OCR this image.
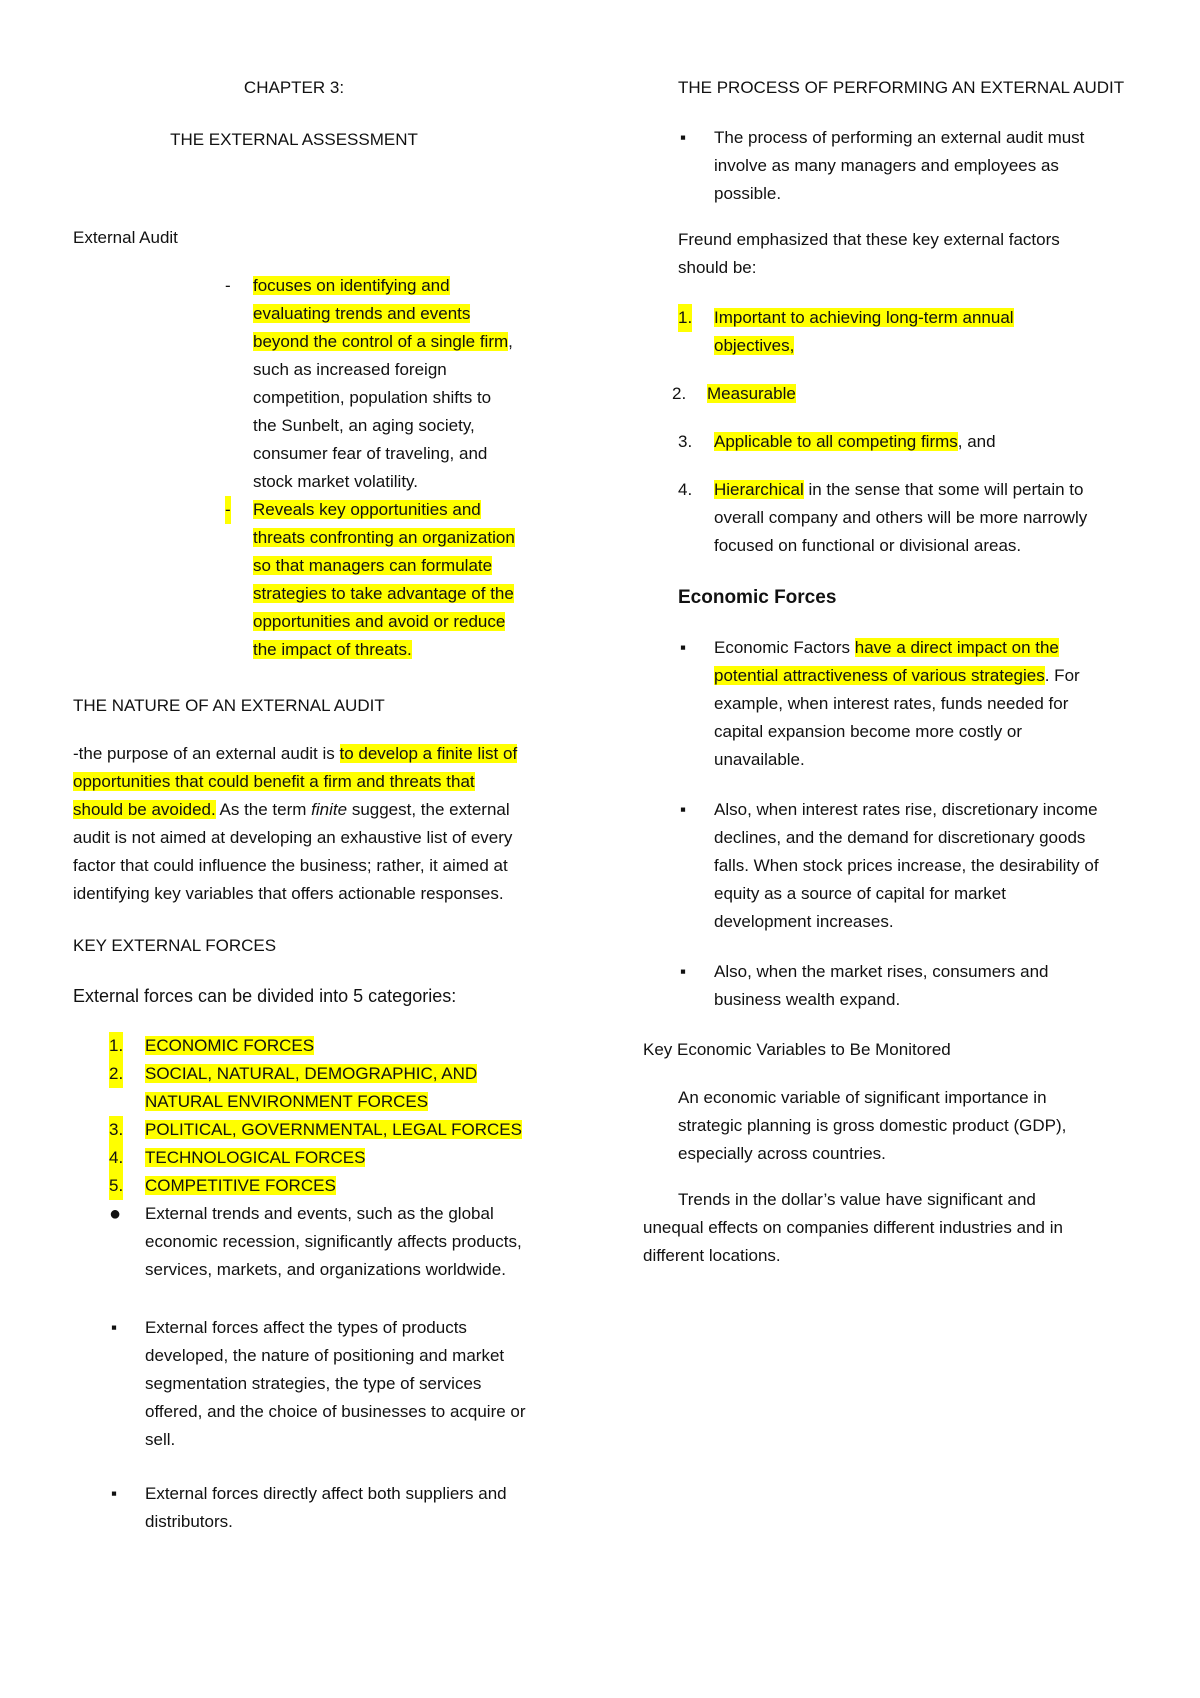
CHAPTER 3:

THE EXTERNAL ASSESSMENT

External Audit

- focuses on identifying and
evaluating trends and events
beyond the control of a single firm,
such as increased foreign
competition, population shifts to
the Sunbelt, an aging society,
consumer fear of traveling, and
stock market volatility.
- Reveals key opportunities and
threats confronting an organization
so that managers can formulate
strategies to take advantage of the
opportunities and avoid or reduce
the impact of threats.

THE NATURE OF AN EXTERNAL AUDIT

-the purpose of an external audit is to develop a finite list of
opportunities that could benefit a firm and threats that
should be avoided. As the term finite suggest, the external
audit is not aimed at developing an exhaustive list of every
factor that could influence the business; rather, it aimed at
identifying key variables that offers actionable responses.

KEY EXTERNAL FORCES

External forces can be divided into 5 categories:

1. ECONOMIC FORCES
2. SOCIAL, NATURAL, DEMOGRAPHIC, AND
NATURAL ENVIRONMENT FORCES
3. POLITICAL, GOVERNMENTAL, LEGAL FORCES
4. TECHNOLOGICAL FORCES
5. COMPETITIVE FORCES
● External trends and events, such as the global
economic recession, significantly affects products,
services, markets, and organizations worldwide.
▪ External forces affect the types of products
developed, the nature of positioning and market
segmentation strategies, the type of services
offered, and the choice of businesses to acquire or
sell.
▪ External forces directly affect both suppliers and
distributors.

THE PROCESS OF PERFORMING AN EXTERNAL AUDIT

▪ The process of performing an external audit must
involve as many managers and employees as
possible.
Freund emphasized that these key external factors
should be:
1. Important to achieving long-term annual
objectives,
2. Measurable
3. Applicable to all competing firms, and
4. Hierarchical in the sense that some will pertain to
overall company and others will be more narrowly
focused on functional or divisional areas.

Economic Forces

▪ Economic Factors have a direct impact on the
potential attractiveness of various strategies. For
example, when interest rates, funds needed for
capital expansion become more costly or
unavailable.
▪ Also, when interest rates rise, discretionary income
declines, and the demand for discretionary goods
falls. When stock prices increase, the desirability of
equity as a source of capital for market
development increases.
▪ Also, when the market rises, consumers and
business wealth expand.

Key Economic Variables to Be Monitored

An economic variable of significant importance in
strategic planning is gross domestic product (GDP),
especially across countries.
Trends in the dollar’s value have significant and
unequal effects on companies different industries and in
different locations.
